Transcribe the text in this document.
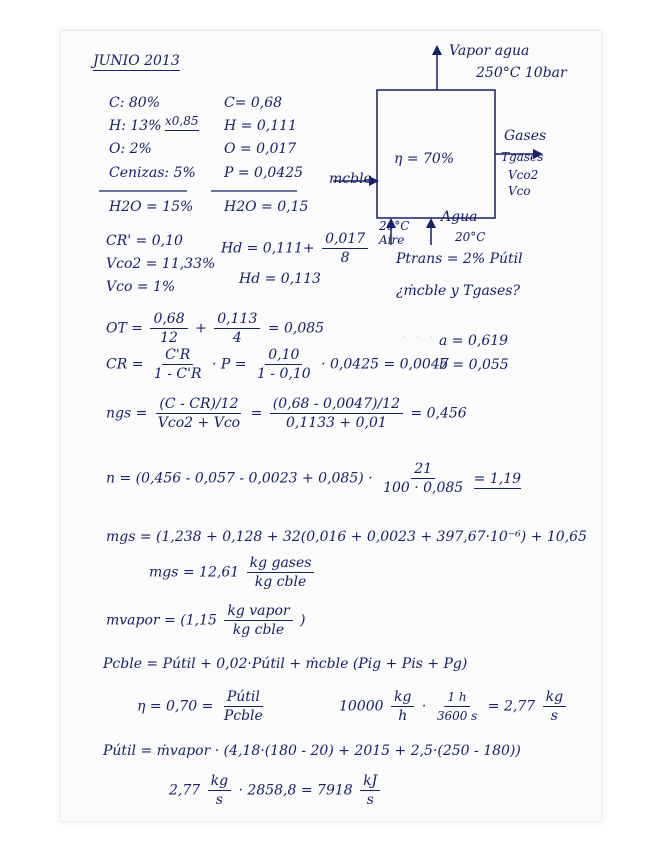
· · ·
JUNIO 2013
C: 80%
H: 13% x0,85
O: 2%
Cenizas: 5%
H2O = 15%
C= 0,68
H = 0,111
O = 0,017
P = 0,0425
H2O = 0,15
Vapor agua
250°C 10bar
Gases
Tgases
Vco2
Vco
mcble
η = 70%
20°C
Aire
Agua
20°C
CR' = 0,10
Vco2 = 11,33%
Vco = 1%
$Hd = 0,111+ \frac{0,017}{8}$
Hd = 0,113
Ptrans = 2% Pútil
¿ṁcble y Tgases?
OT = $\frac{0,68}{12} + \frac{0,113}{4} = 0,085$
a = 0,619
b = 0,055
CR = $\frac{C'R}{1 - C'R} \cdot P = \frac{0,10}{1 - 0,10} \cdot 0,0425 = 0,0047$
ngs = $\frac{(C - CR)/12}{\text{Vco2 + Vco}} = \frac{(0,68 - 0,0047)/12}{0,1133 + 0,01} = 0,456$
$n = (0,456 - 0,057 - 0,0023 + 0,085) \cdot \frac{21}{100 \cdot 0,085} = 1,19$
mgs = (1,238 + 0,128 + 32(0,016 + 0,0023 + 397,67·10⁻⁶) + 10,65
mgs = $12,61 \frac{\text{kg gases}}{\text{kg cble}}$
mvapor = ($1,15 \frac{\text{kg vapor}}{\text{kg cble}}$ )
Pcble = Pútil + 0,02·Pútil + ṁcble (Pig + Pis + Pg)
$\eta = 0,70 = \frac{\text{Pútil}}{\text{Pcble}}$	$10000 \frac{kg}{h} \cdot \frac{1 h}{3600 s} = 2,77 \frac{kg}{s}$
Pútil = ṁvapor · (4,18·(180 - 20) + 2015 + 2,5·(250 - 180))
$2,77 \frac{kg}{s} \cdot 2858,8 = 7918 \frac{kJ}{s}$
